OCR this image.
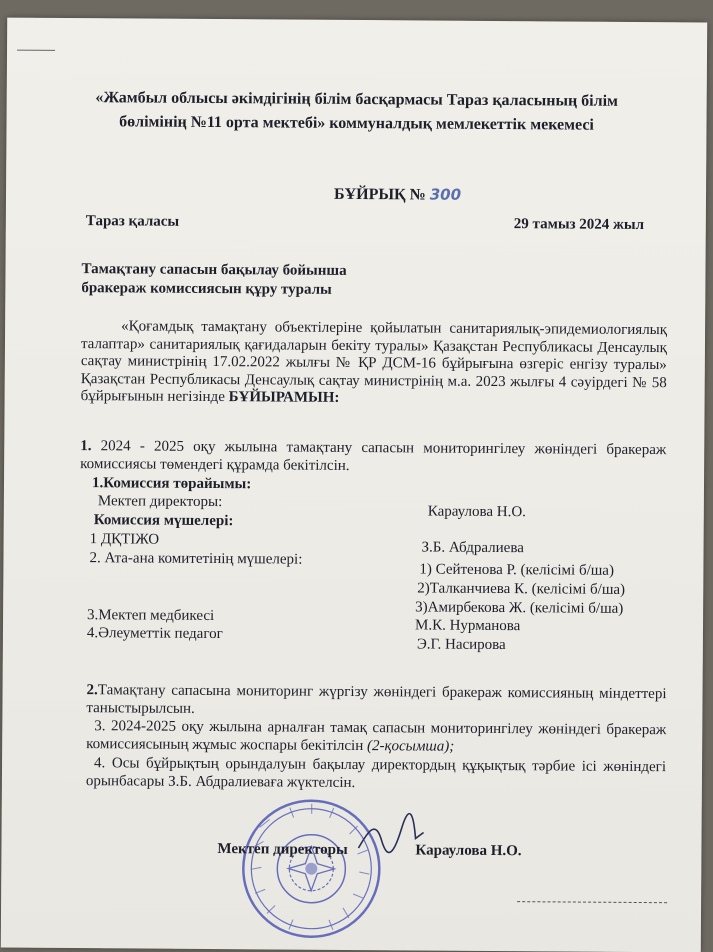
«Жамбыл облысы әкімдігінің білім басқармасы Тараз қаласының білім
бөлімінің №11 орта мектебі» коммуналдық мемлекеттік мекемесі
БҰЙРЫҚ № 300
Тараз қаласы	29 тамыз 2024 жыл
Тамақтану сапасын бақылау бойынша
бракераж комиссиясын құру туралы
«Қоғамдық тамақтану объектілеріне қойылатын санитариялық-эпидемиологиялық талаптар» санитариялық қағидаларын бекіту туралы» Қазақстан Республикасы Денсаулық сақтау министрінің 17.02.2022 жылғы № ҚР ДСМ-16 бұйрығына өзгеріс енгізу туралы» Қазақстан Республикасы Денсаулық сақтау министрінің м.а. 2023 жылғы 4 сәуірдегі № 58 бұйрығынын негізінде БҰЙЫРАМЫН:
1. 2024 - 2025 оқу жылына тамақтану сапасын мониторингілеу жөніндегі бракераж комиссиясы төмендегі құрамда бекітілсін.
1.Комиссия төрайымы:
Мектеп директоры:
Караулова Н.О.
Комиссия мүшелері:
1 ДҚТІЖО
З.Б. Абдралиева
2. Ата-ана комитетінің мүшелері:
1) Сейтенова Р. (келісімі б/ша)
2)Талканчиева К. (келісімі б/ша)
3)Амирбекова Ж. (келісімі б/ша)
3.Мектеп медбикесі
М.К. Нурманова
4.Әлеуметтік педагог
Э.Г. Насирова
2.Тамақтану сапасына мониторинг жүргізу жөніндегі бракераж комиссияның міндеттері таныстырылсын.
3. 2024-2025 оқу жылына арналған тамақ сапасын мониторингілеу жөніндегі бракераж комиссиясының жұмыс жоспары бекітілсін (2-қосымша);
4. Осы бұйрықтың орындалуын бақылау директордың құқықтық тәрбие ісі жөніндегі орынбасары З.Б. Абдралиеваға жүктелсін.
Мектеп директоры	Караулова Н.О.
